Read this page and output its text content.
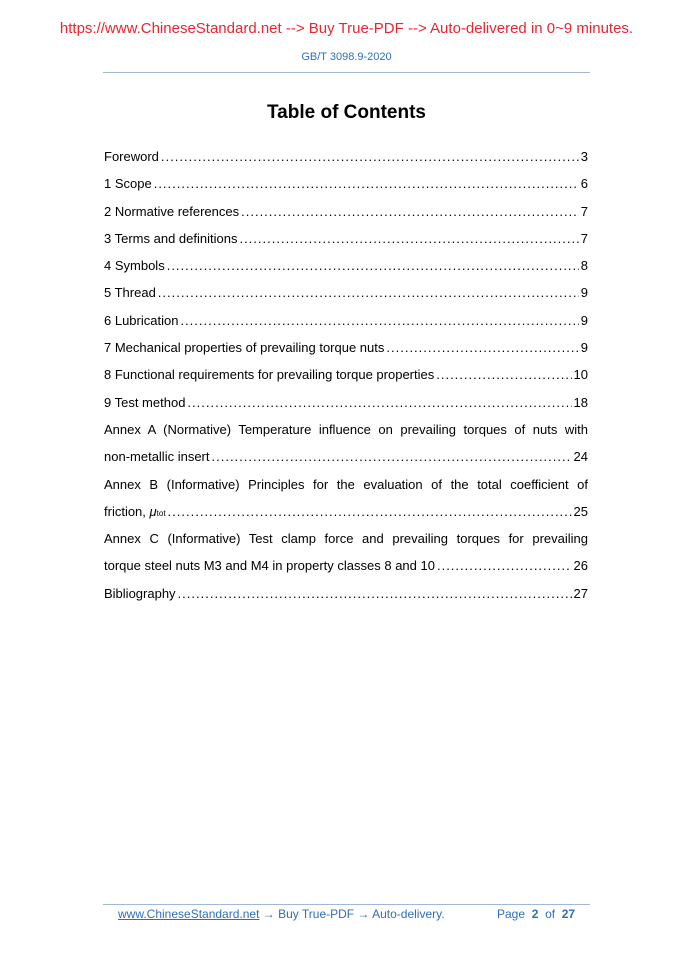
https://www.ChineseStandard.net --> Buy True-PDF --> Auto-delivered in 0~9 minutes.
GB/T 3098.9-2020
Table of Contents
Foreword .....	3
1 Scope .....	6
2 Normative references .....	7
3 Terms and definitions .....	7
4 Symbols .....	8
5 Thread .....	9
6 Lubrication .....	9
7 Mechanical properties of prevailing torque nuts .....	9
8 Functional requirements for prevailing torque properties .....	10
9 Test method .....	18
Annex A (Normative) Temperature influence on prevailing torques of nuts with
non-metallic insert .....	24
Annex B (Informative) Principles for the evaluation of the total coefficient of
friction, μtot .....	25
Annex C (Informative) Test clamp force and prevailing torques for prevailing
torque steel nuts M3 and M4 in property classes 8 and 10 .....	26
Bibliography .....	27
www.ChineseStandard.net → Buy True-PDF → Auto-delivery.	Page 2 of 27
